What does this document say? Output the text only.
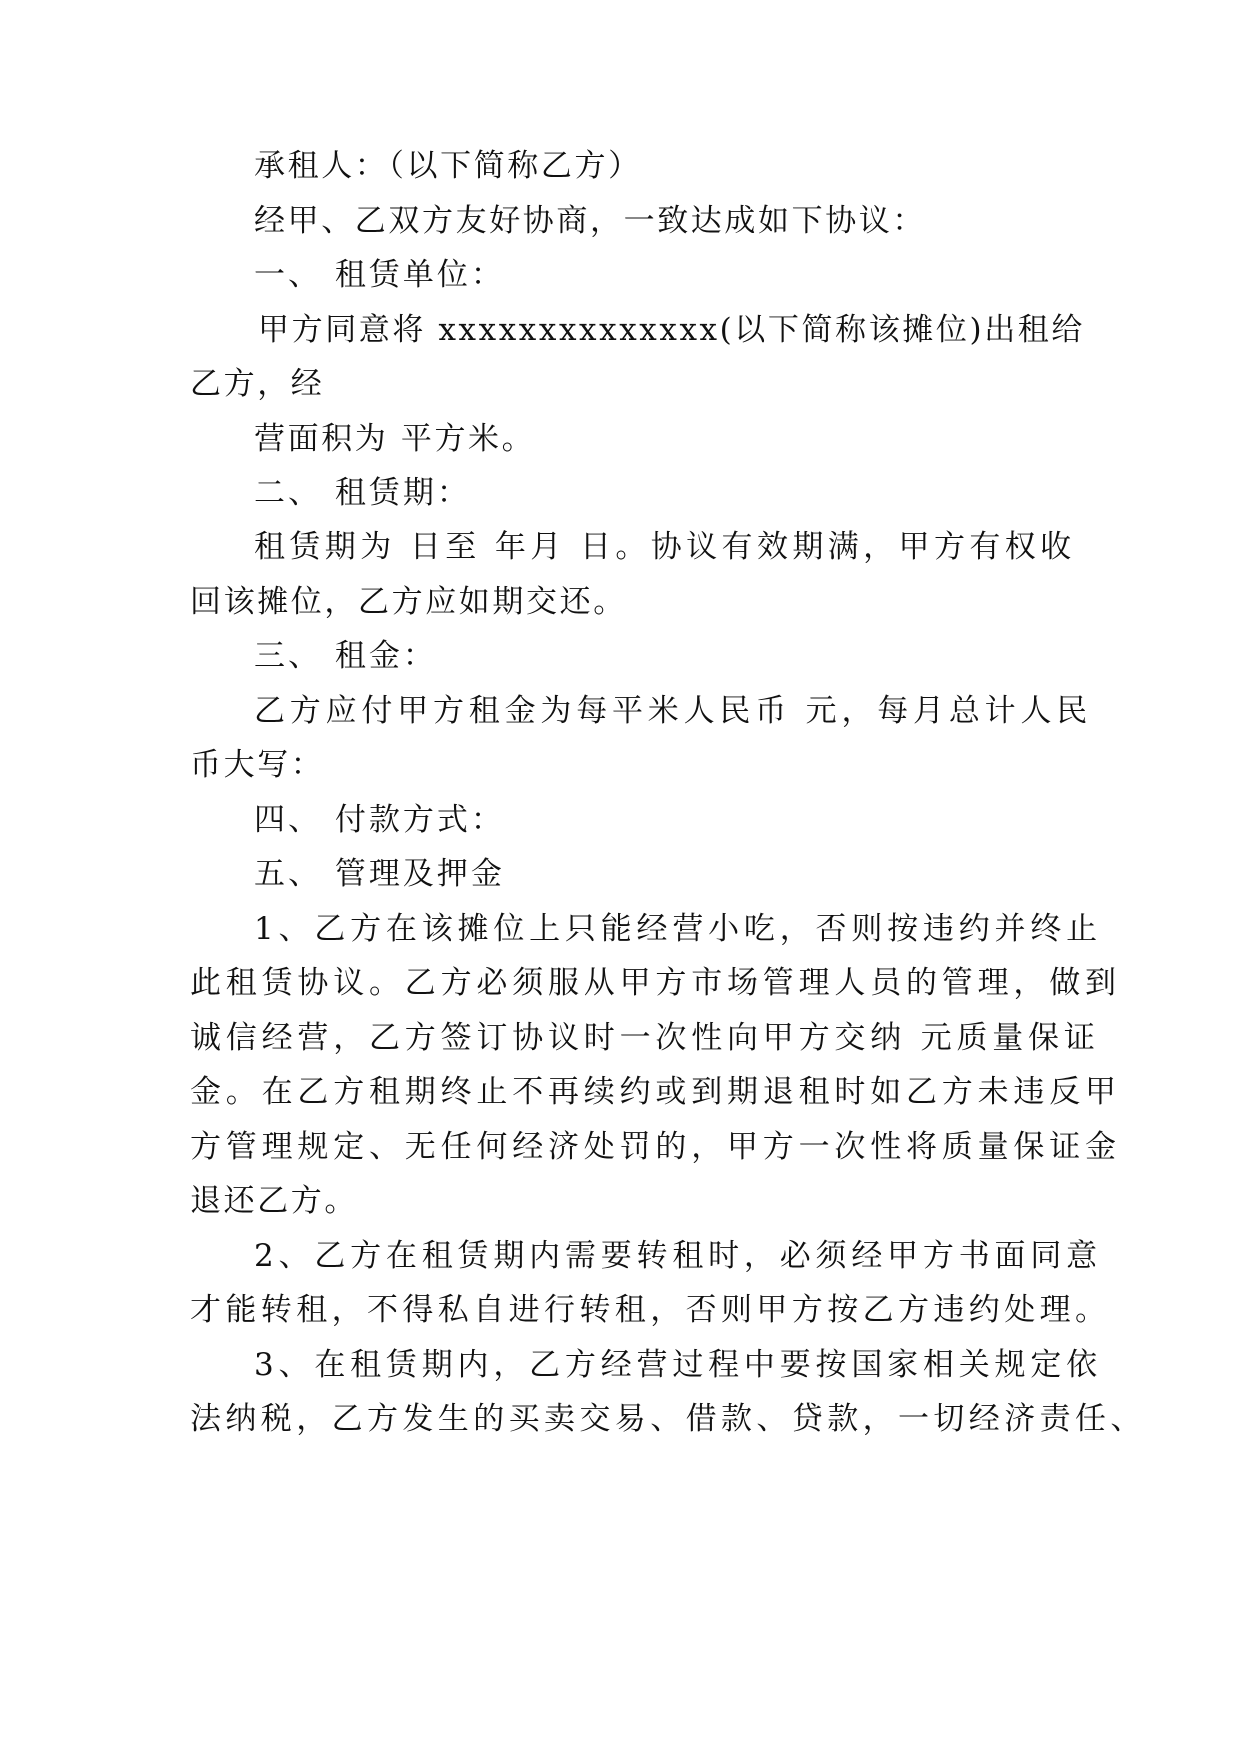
承租人：（以下简称乙方）

经甲、乙双方友好协商，一致达成如下协议：

一、 租赁单位：

甲方同意将 xxxxxxxxxxxxxx(以下简称该摊位)出租给

乙方，经

营面积为 平方米。

二、 租赁期：

租赁期为 日至 年月 日。协议有效期满，甲方有权收

回该摊位，乙方应如期交还。

三、 租金：

乙方应付甲方租金为每平米人民币 元，每月总计人民

币大写：

四、 付款方式：

五、 管理及押金

1、乙方在该摊位上只能经营小吃，否则按违约并终止

此租赁协议。乙方必须服从甲方市场管理人员的管理，做到

诚信经营，乙方签订协议时一次性向甲方交纳 元质量保证

金。在乙方租期终止不再续约或到期退租时如乙方未违反甲

方管理规定、无任何经济处罚的，甲方一次性将质量保证金

退还乙方。

2、乙方在租赁期内需要转租时，必须经甲方书面同意

才能转租，不得私自进行转租，否则甲方按乙方违约处理。

3、在租赁期内，乙方经营过程中要按国家相关规定依

法纳税，乙方发生的买卖交易、借款、贷款，一切经济责任、
